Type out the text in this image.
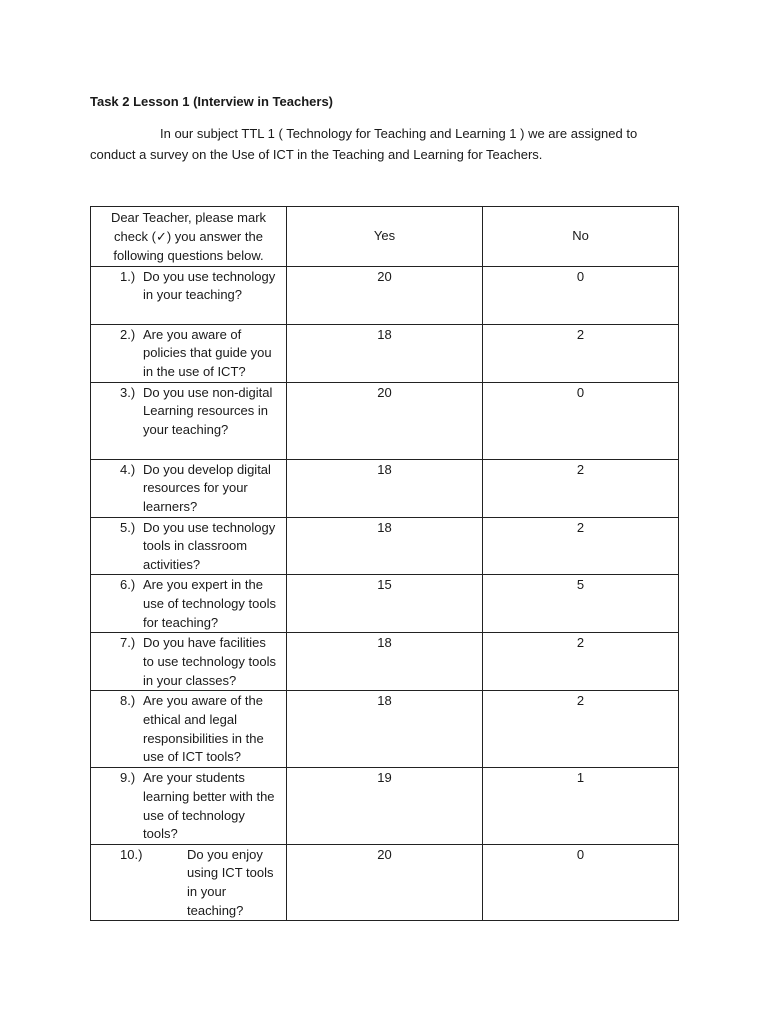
Task 2 Lesson 1 (Interview in Teachers)
In our subject TTL 1 ( Technology for Teaching and Learning 1 ) we are assigned to conduct a survey on the Use of ICT in the Teaching and Learning for Teachers.
Dear Teacher, please mark
check (✓) you answer the
following questions below.	Yes	No

1.) Do you use technology in your teaching?	20	0

2.) Are you aware of policies that guide you in the use of ICT?	18	2

3.) Do you use non-digital Learning resources in your teaching?	20	0

4.) Do you develop digital resources for your learners?	18	2

5.) Do you use technology tools in classroom activities?	18	2

6.) Are you expert in the use of technology tools for teaching?	15	5

7.) Do you have facilities to use technology tools in your classes?	18	2

8.) Are you aware of the ethical and legal responsibilities in the use of ICT tools?	18	2

9.) Are your students learning better with the use of technology tools?	19	1

10.) Do you enjoy using ICT tools in your teaching?	20	0
